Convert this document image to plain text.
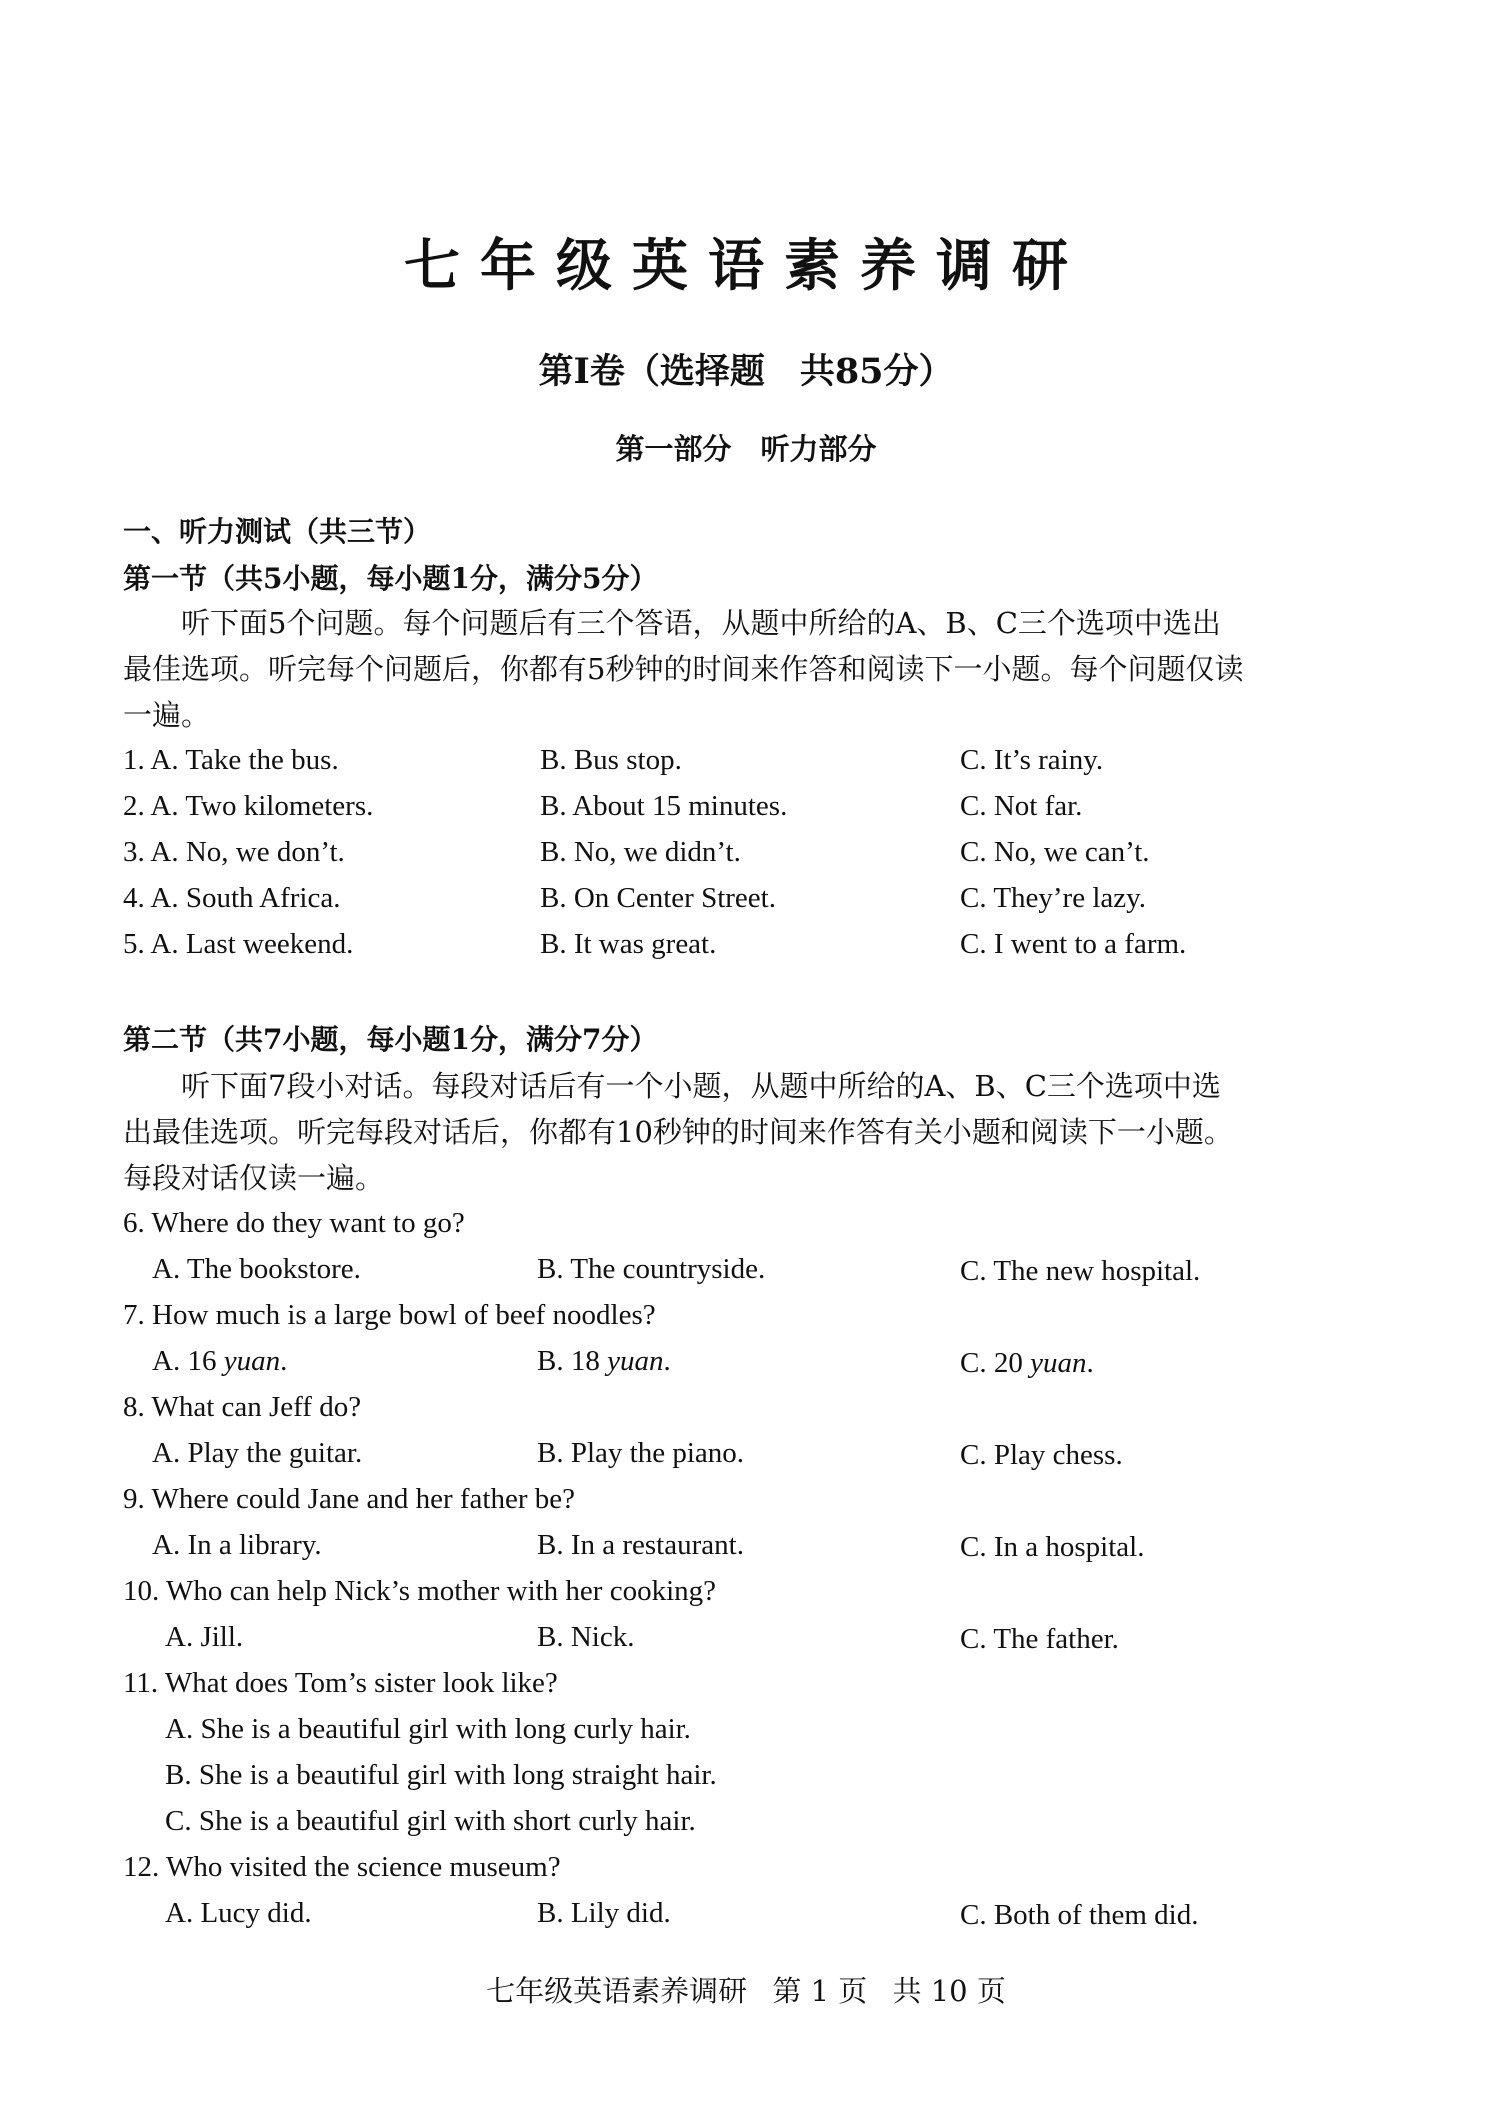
七年级英语素养调研
第Ⅰ卷（选择题　共85分）
第一部分　听力部分
一、听力测试（共三节）
第一节（共5小题，每小题1分，满分5分）
　　听下面5个问题。每个问题后有三个答语，从题中所给的A、B、C三个选项中选出
最佳选项。听完每个问题后，你都有5秒钟的时间来作答和阅读下一小题。每个问题仅读
一遍。
1. A. Take the bus.	B. Bus stop.	C. It’s rainy.
2. A. Two kilometers.	B. About 15 minutes.	C. Not far.
3. A. No, we don’t.	B. No, we didn’t.	C. No, we can’t.
4. A. South Africa.	B. On Center Street.	C. They’re lazy.
5. A. Last weekend.	B. It was great.	C. I went to a farm.
第二节（共7小题，每小题1分，满分7分）
　　听下面7段小对话。每段对话后有一个小题，从题中所给的A、B、C三个选项中选
出最佳选项。听完每段对话后，你都有10秒钟的时间来作答有关小题和阅读下一小题。
每段对话仅读一遍。
6. Where do they want to go?
A. The bookstore.	B. The countryside.	C. The new hospital.
7. How much is a large bowl of beef noodles?
A. 16 yuan.	B. 18 yuan.	C. 20 yuan.
8. What can Jeff do?
A. Play the guitar.	B. Play the piano.	C. Play chess.
9. Where could Jane and her father be?
A. In a library.	B. In a restaurant.	C. In a hospital.
10. Who can help Nick’s mother with her cooking?
A. Jill.	B. Nick.	C. The father.
11. What does Tom’s sister look like?
A. She is a beautiful girl with long curly hair.
B. She is a beautiful girl with long straight hair.
C. She is a beautiful girl with short curly hair.
12. Who visited the science museum?
A. Lucy did.	B. Lily did.	C. Both of them did.
七年级英语素养调研 第 1 页 共 10 页
